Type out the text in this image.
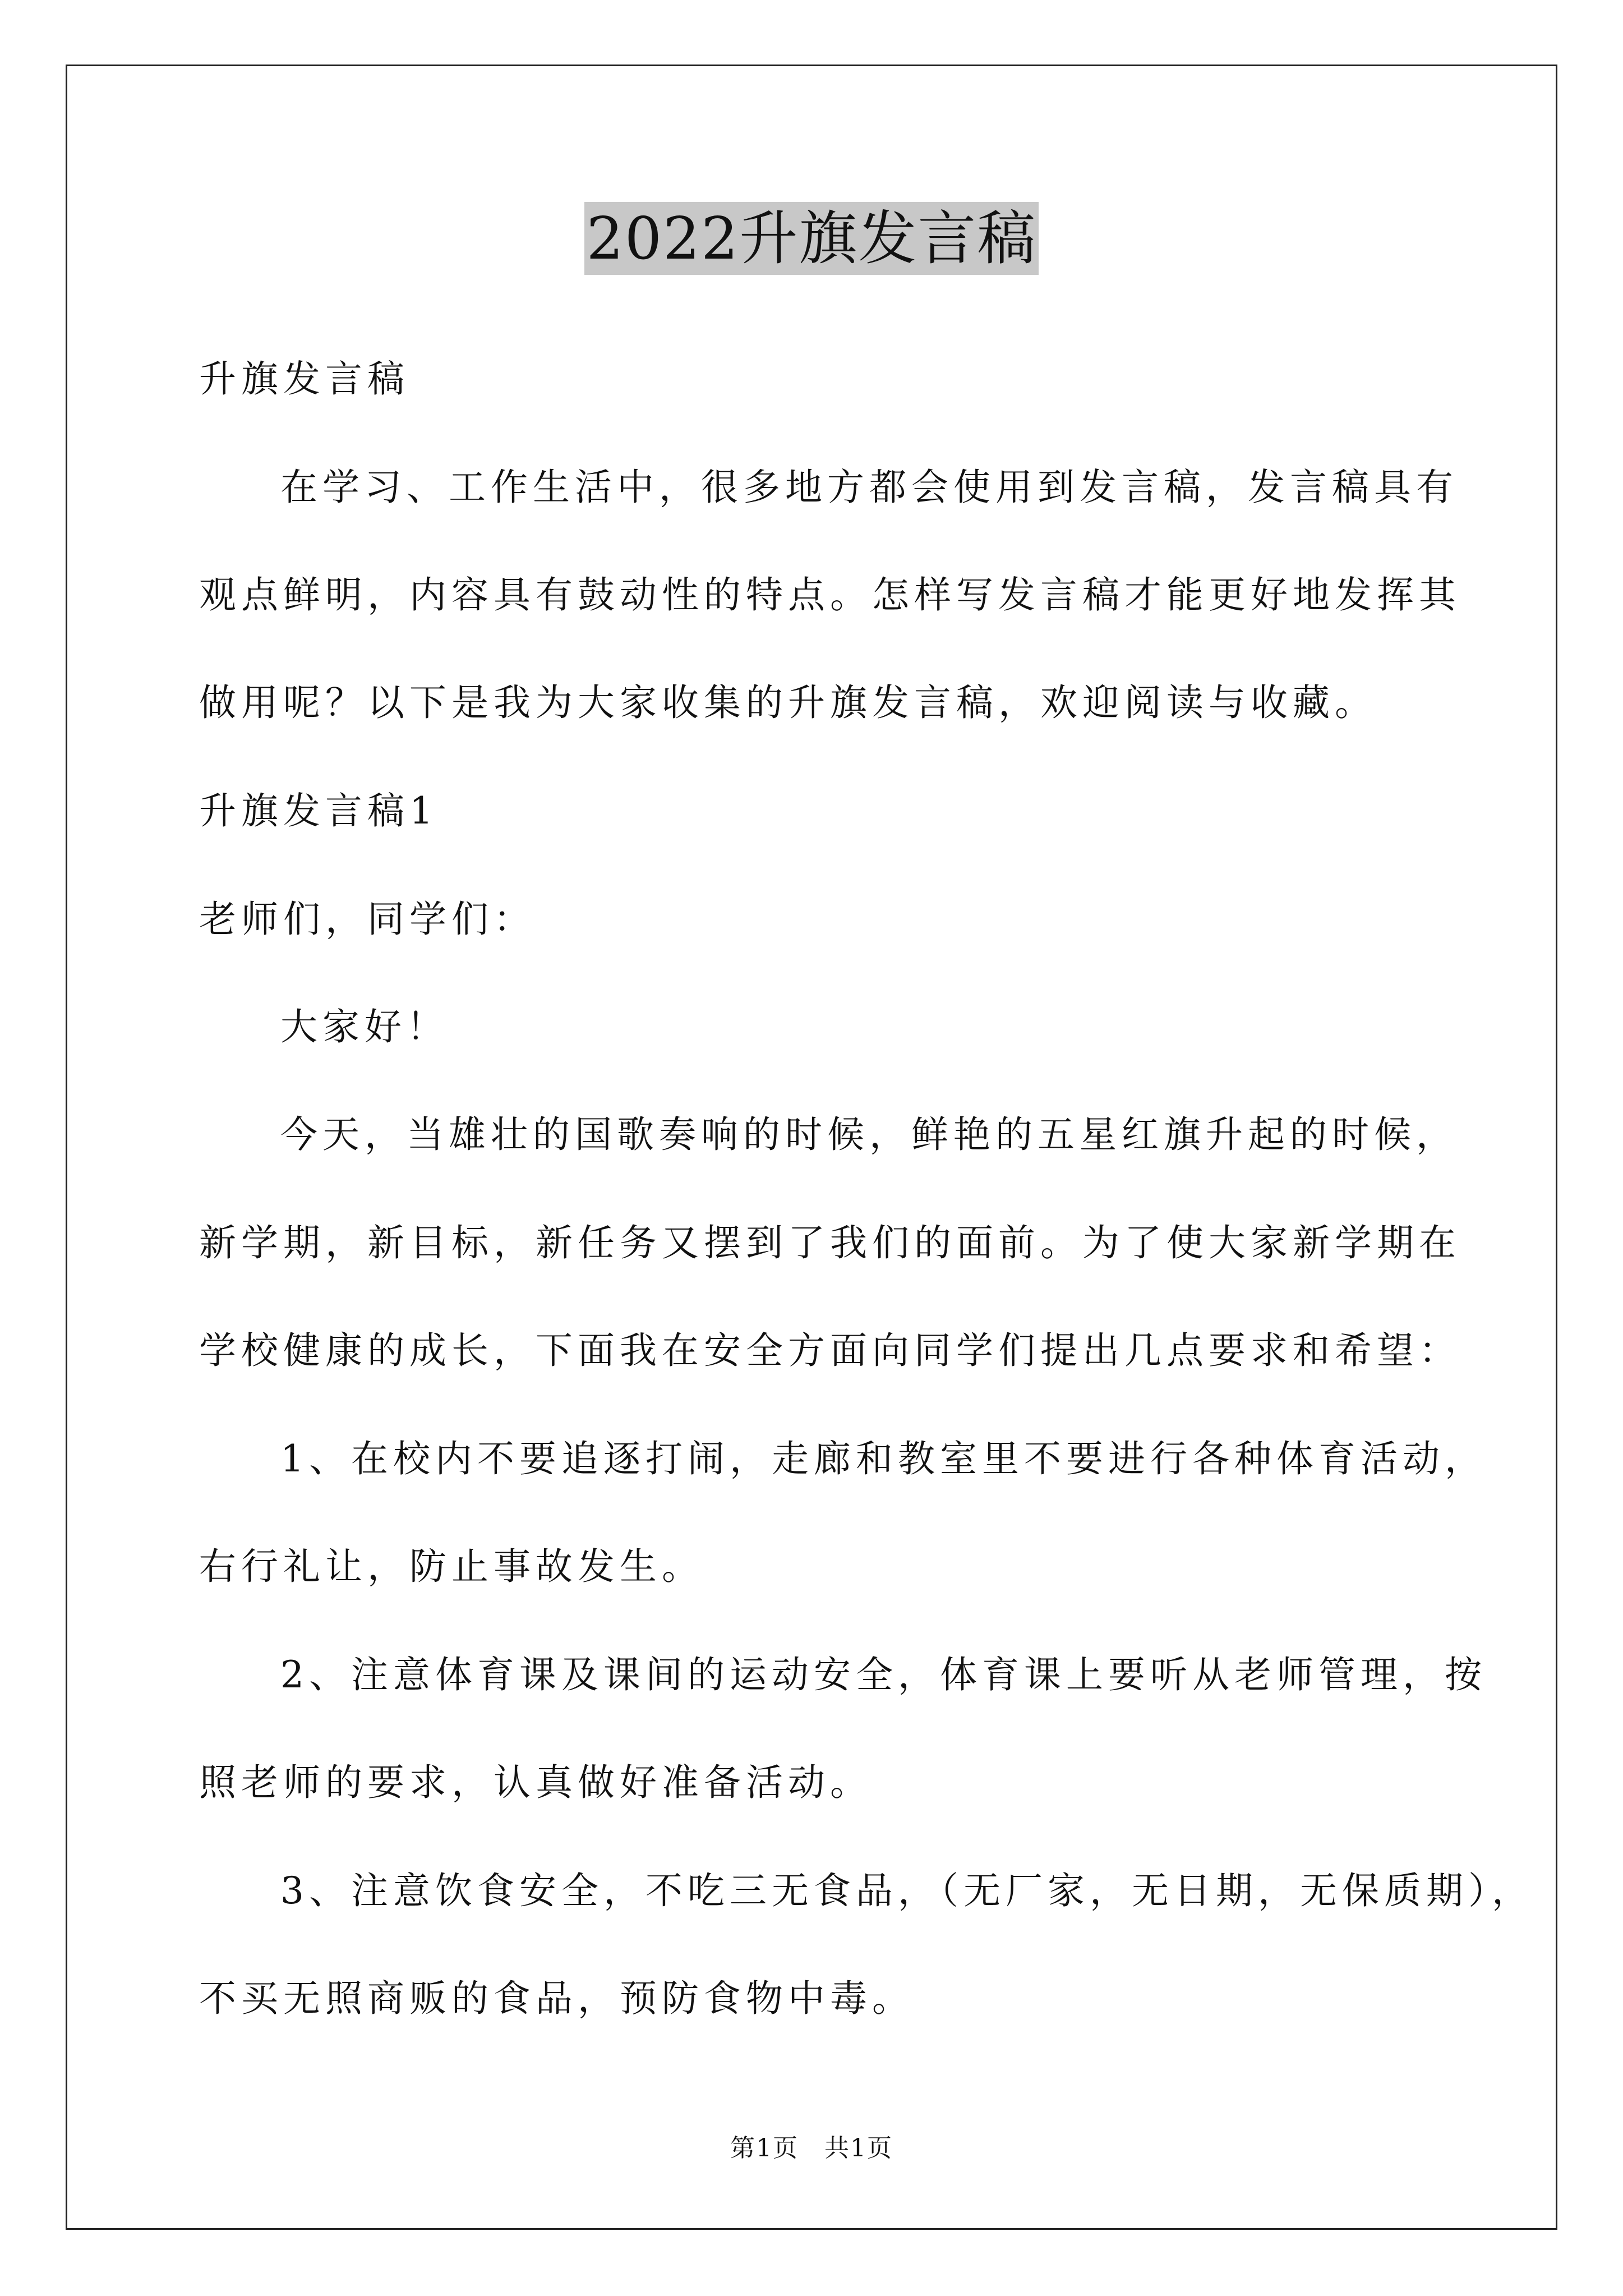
2022升旗发言稿
升旗发言稿
在学习、工作生活中，很多地方都会使用到发言稿，发言稿具有
观点鲜明，内容具有鼓动性的特点。怎样写发言稿才能更好地发挥其
做用呢？以下是我为大家收集的升旗发言稿，欢迎阅读与收藏。
升旗发言稿1
老师们，同学们：
大家好！
今天，当雄壮的国歌奏响的时候，鲜艳的五星红旗升起的时候，
新学期，新目标，新任务又摆到了我们的面前。为了使大家新学期在
学校健康的成长，下面我在安全方面向同学们提出几点要求和希望：
1、在校内不要追逐打闹，走廊和教室里不要进行各种体育活动，
右行礼让，防止事故发生。
2、注意体育课及课间的运动安全，体育课上要听从老师管理，按
照老师的要求，认真做好准备活动。
3、注意饮食安全，不吃三无食品，（无厂家，无日期，无保质期），
不买无照商贩的食品，预防食物中毒。
第1页　共1页
